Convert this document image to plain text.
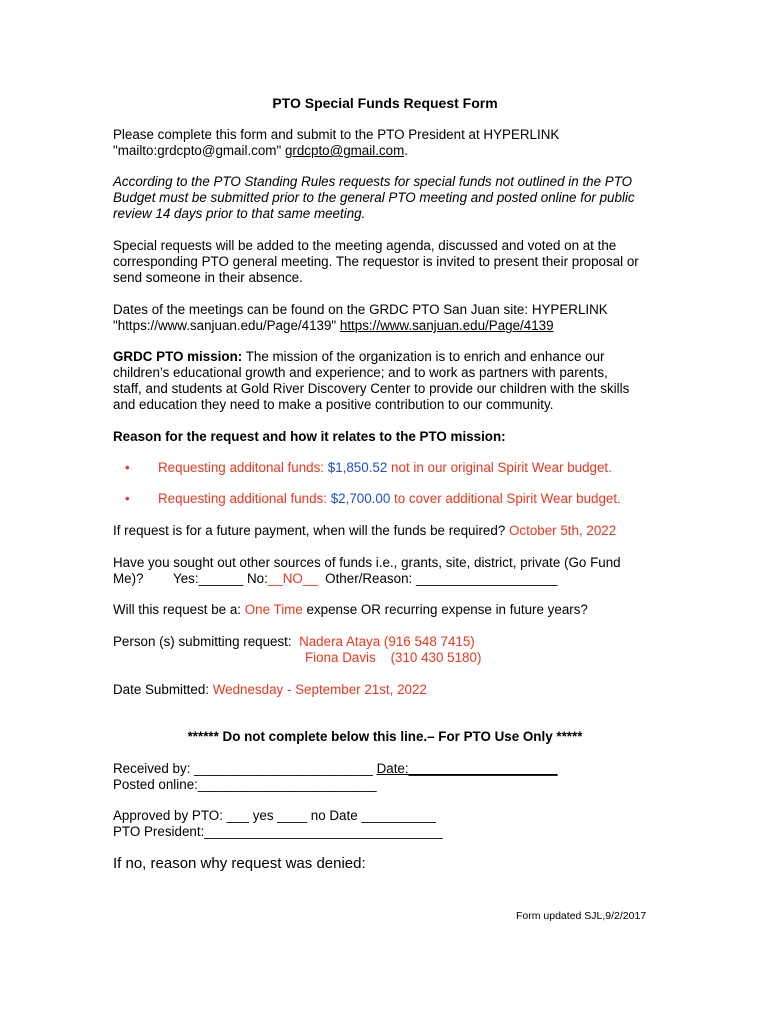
PTO Special Funds Request Form
Please complete this form and submit to the PTO President at HYPERLINK
"mailto:grdcpto@gmail.com" grdcpto@gmail.com.
According to the PTO Standing Rules requests for special funds not outlined in the PTO
Budget must be submitted prior to the general PTO meeting and posted online for public
review 14 days prior to that same meeting.
Special requests will be added to the meeting agenda, discussed and voted on at the
corresponding PTO general meeting. The requestor is invited to present their proposal or
send someone in their absence.
Dates of the meetings can be found on the GRDC PTO San Juan site: HYPERLINK
"https://www.sanjuan.edu/Page/4139" https://www.sanjuan.edu/Page/4139
GRDC PTO mission: The mission of the organization is to enrich and enhance our
children’s educational growth and experience; and to work as partners with parents,
staff, and students at Gold River Discovery Center to provide our children with the skills
and education they need to make a positive contribution to our community.
Reason for the request and how it relates to the PTO mission:
• Requesting additonal funds: $1,850.52 not in our original Spirit Wear budget.
• Requesting additional funds: $2,700.00 to cover additional Spirit Wear budget.
If request is for a future payment, when will the funds be required? October 5th, 2022
Have you sought out other sources of funds i.e., grants, site, district, private (Go Fund
Me)?        Yes:______ No:__NO__  Other/Reason: ___________________
Will this request be a: One Time expense OR recurring expense in future years?
Person (s) submitting request:  Nadera Ataya (916 548 7415)
Fiona Davis    (310 430 5180)
Date Submitted: Wednesday - September 21st, 2022
****** Do not complete below this line.– For PTO Use Only *****
Received by: ________________________ Date:____________________
Posted online:________________________
Approved by PTO: ___ yes ____ no Date __________
PTO President:________________________________
If no, reason why request was denied:
Form updated SJL,9/2/2017
